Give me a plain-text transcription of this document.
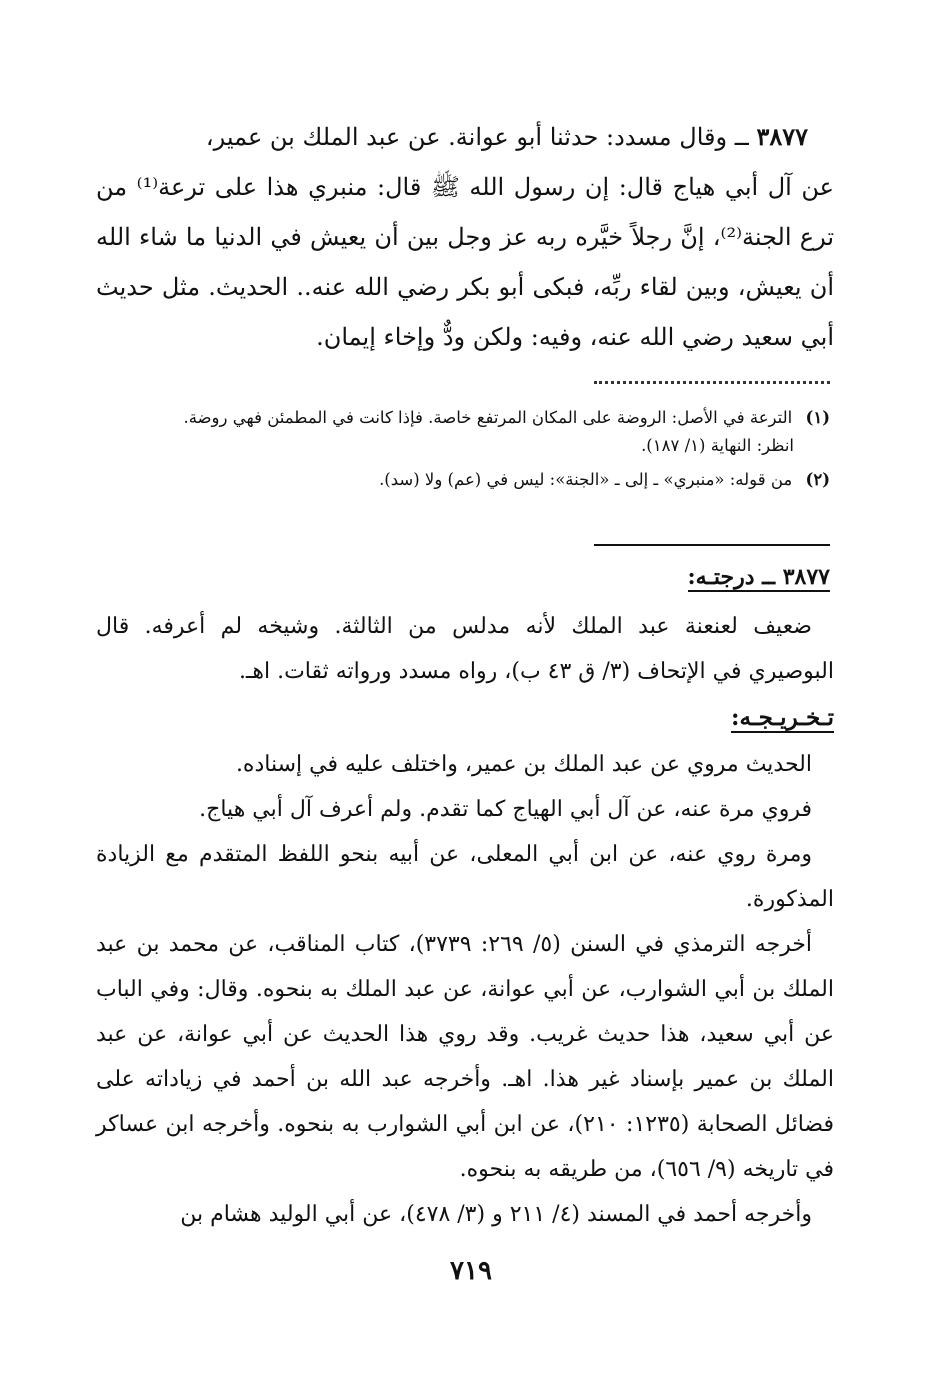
٣٨٧٧ ــ وقال مسدد: حدثنا أبو عوانة. عن عبد الملك بن عمير،

عن آل أبي هياج قال: إن رسول الله ﷺ قال: منبري هذا على ترعة⁽¹⁾ من ترع الجنة⁽²⁾، إنَّ رجلاً خيَّره ربه عز وجل بين أن يعيش في الدنيا ما شاء الله أن يعيش، وبين لقاء ربِّه، فبكى أبو بكر رضي الله عنه.. الحديث. مثل حديث أبي سعيد رضي الله عنه، وفيه: ولكن ودٌّ وإخاء إيمان.

(١) الترعة في الأصل: الروضة على المكان المرتفع خاصة. فإذا كانت في المطمئن فهي روضة.
انظر: النهاية (١/ ١٨٧).
(٢) من قوله: «منبري» ـ إلى ـ «الجنة»: ليس في (عم) ولا (سد).
٣٨٧٧ ــ درجتـه:

ضعيف لعنعنة عبد الملك لأنه مدلس من الثالثة. وشيخه لم أعرفه. قال البوصيري في الإتحاف (٣/ ق ٤٣ ب)، رواه مسدد ورواته ثقات. اهـ.

تـخـريـجـه:

الحديث مروي عن عبد الملك بن عمير، واختلف عليه في إسناده.

فروي مرة عنه، عن آل أبي الهياج كما تقدم. ولم أعرف آل أبي هياج.

ومرة روي عنه، عن ابن أبي المعلى، عن أبيه بنحو اللفظ المتقدم مع الزيادة المذكورة.

أخرجه الترمذي في السنن (٥/ ٢٦٩: ٣٧٣٩)، كتاب المناقب، عن محمد بن عبد الملك بن أبي الشوارب، عن أبي عوانة، عن عبد الملك به بنحوه. وقال: وفي الباب عن أبي سعيد، هذا حديث غريب. وقد روي هذا الحديث عن أبي عوانة، عن عبد الملك بن عمير بإسناد غير هذا. اهـ. وأخرجه عبد الله بن أحمد في زياداته على فضائل الصحابة (١٢٣٥: ٢١٠)، عن ابن أبي الشوارب به بنحوه. وأخرجه ابن عساكر في تاريخه (٩/ ٦٥٦)، من طريقه به بنحوه.

وأخرجه أحمد في المسند (٤/ ٢١١ و (٣/ ٤٧٨)، عن أبي الوليد هشام بن

٧١٩
